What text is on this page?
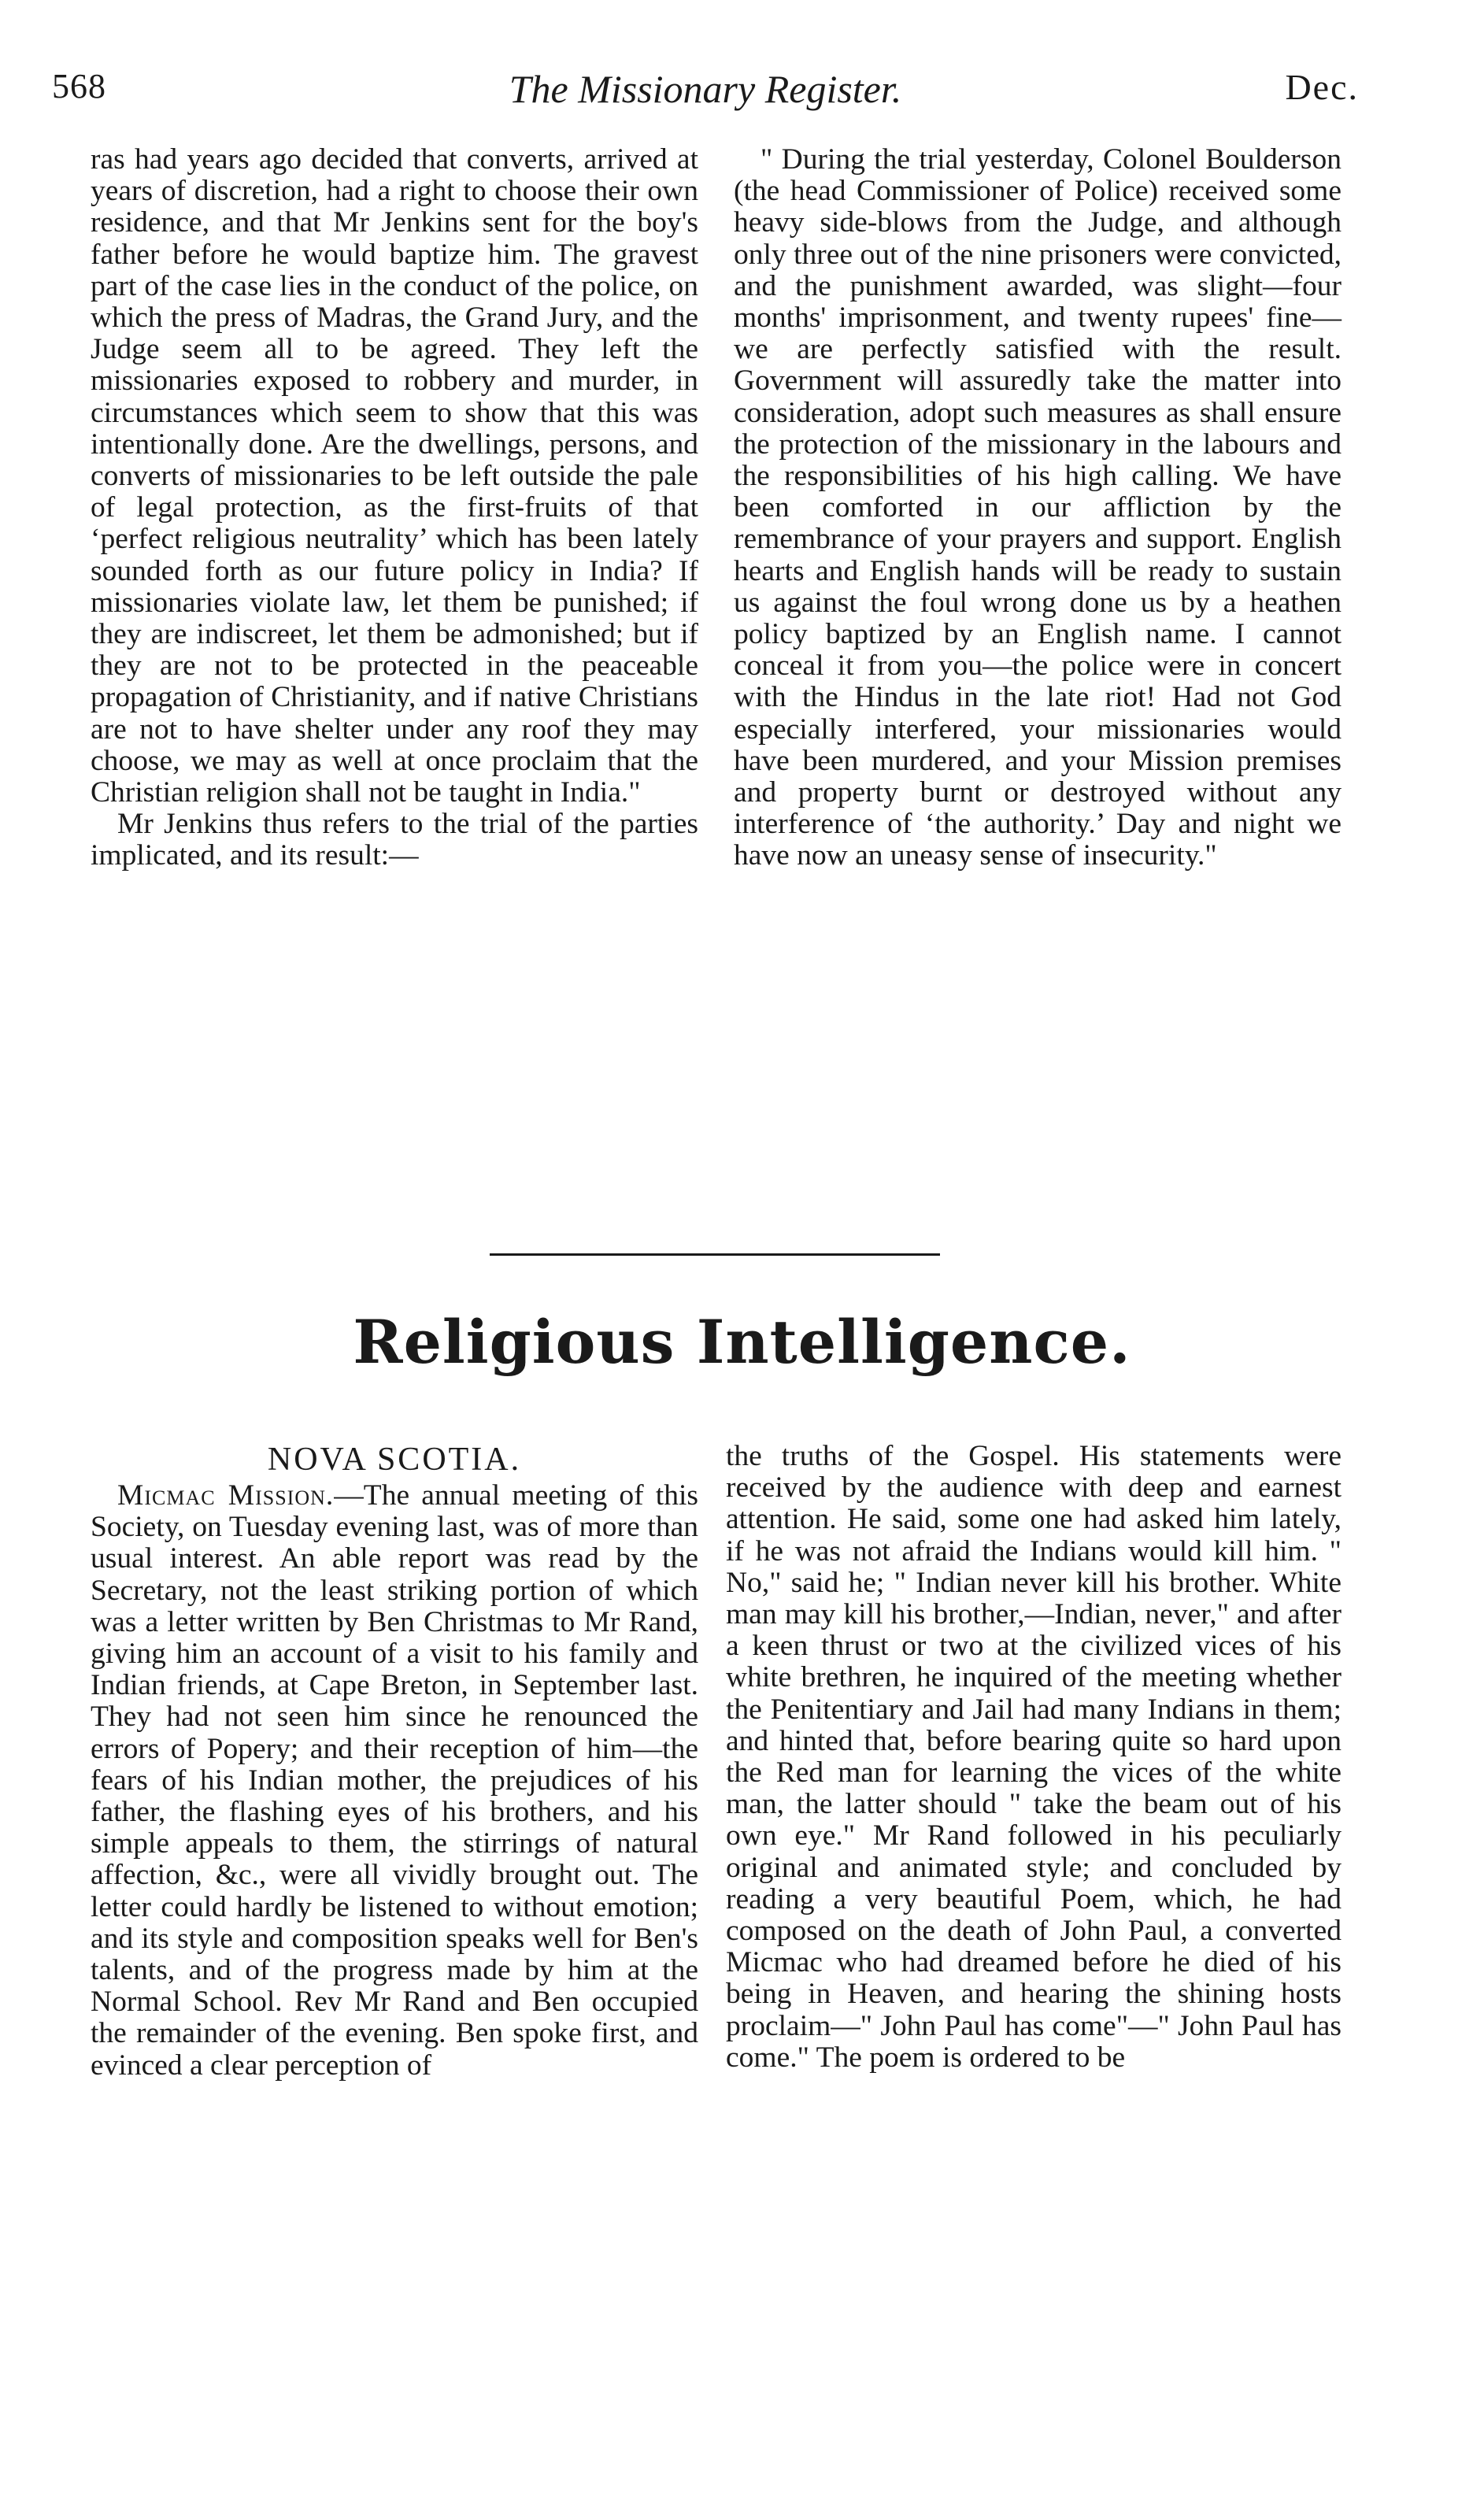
568	The Missionary Register.	Dec.

ras had years ago decided that converts, arrived at years of discretion, had a right to choose their own residence, and that Mr Jenkins sent for the boy's father before he would baptize him. The gravest part of the case lies in the conduct of the police, on which the press of Madras, the Grand Jury, and the Judge seem all to be agreed. They left the missionaries exposed to robbery and murder, in circumstances which seem to show that this was intentionally done. Are the dwellings, persons, and converts of missionaries to be left outside the pale of legal protection, as the first-fruits of that ‘perfect religious neutrality’ which has been lately sounded forth as our future policy in India? If missionaries violate law, let them be punished; if they are indiscreet, let them be admonished; but if they are not to be protected in the peaceable propagation of Christianity, and if native Christians are not to have shelter under any roof they may choose, we may as well at once proclaim that the Christian religion shall not be taught in India."

Mr Jenkins thus refers to the trial of the parties implicated, and its result:—

" During the trial yesterday, Colonel Boulderson (the head Commissioner of Police) received some heavy side-blows from the Judge, and although only three out of the nine prisoners were convicted, and the punishment awarded, was slight—four months' imprisonment, and twenty rupees' fine—we are perfectly satisfied with the result. Government will assuredly take the matter into consideration, adopt such measures as shall ensure the protection of the missionary in the labours and the responsibilities of his high calling. We have been comforted in our affliction by the remembrance of your prayers and support. English hearts and English hands will be ready to sustain us against the foul wrong done us by a heathen policy baptized by an English name. I cannot conceal it from you—the police were in concert with the Hindus in the late riot! Had not God especially interfered, your missionaries would have been murdered, and your Mission premises and property burnt or destroyed without any interference of ‘the authority.’ Day and night we have now an uneasy sense of insecurity."

Religious Intelligence.

NOVA SCOTIA.

Micmac Mission.—The annual meeting of this Society, on Tuesday evening last, was of more than usual interest. An able report was read by the Secretary, not the least striking portion of which was a letter written by Ben Christmas to Mr Rand, giving him an account of a visit to his family and Indian friends, at Cape Breton, in September last. They had not seen him since he renounced the errors of Popery; and their reception of him—the fears of his Indian mother, the prejudices of his father, the flashing eyes of his brothers, and his simple appeals to them, the stirrings of natural affection, &c., were all vividly brought out. The letter could hardly be listened to without emotion; and its style and composition speaks well for Ben's talents, and of the progress made by him at the Normal School. Rev Mr Rand and Ben occupied the remainder of the evening. Ben spoke first, and evinced a clear perception of

the truths of the Gospel. His statements were received by the audience with deep and earnest attention. He said, some one had asked him lately, if he was not afraid the Indians would kill him. " No," said he; " Indian never kill his brother. White man may kill his brother,—Indian, never," and after a keen thrust or two at the civilized vices of his white brethren, he inquired of the meeting whether the Penitentiary and Jail had many Indians in them; and hinted that, before bearing quite so hard upon the Red man for learning the vices of the white man, the latter should " take the beam out of his own eye." Mr Rand followed in his peculiarly original and animated style; and concluded by reading a very beautiful Poem, which, he had composed on the death of John Paul, a converted Micmac who had dreamed before he died of his being in Heaven, and hearing the shining hosts proclaim—" John Paul has come"—" John Paul has come." The poem is ordered to be
